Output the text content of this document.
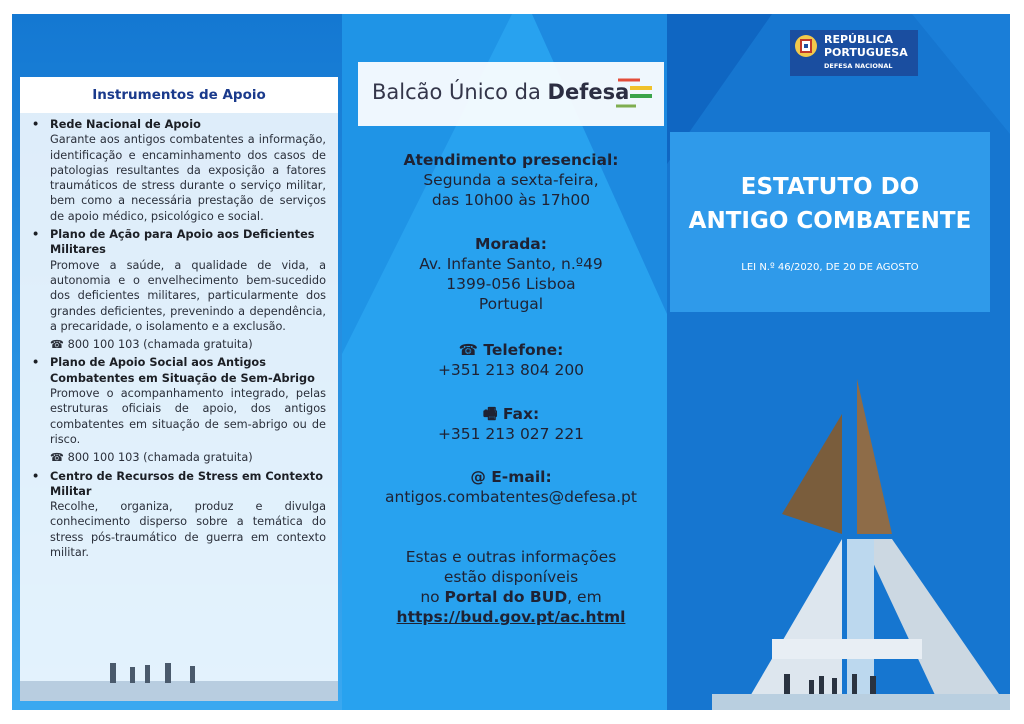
Instrumentos de Apoio
• Rede Nacional de Apoio
Garante aos antigos combatentes a informação, identificação e encaminhamento dos casos de patologias resultantes da exposição a fatores traumáticos de stress durante o serviço militar, bem como a necessária prestação de serviços de apoio médico, psicológico e social.
• Plano de Ação para Apoio aos Deficientes Militares
Promove a saúde, a qualidade de vida, a autonomia e o envelhecimento bem-sucedido dos deficientes militares, particularmente dos grandes deficientes, prevenindo a dependência, a precaridade, o isolamento e a exclusão.
☎ 800 100 103 (chamada gratuita)
• Plano de Apoio Social aos Antigos Combatentes em Situação de Sem-Abrigo
Promove o acompanhamento integrado, pelas estruturas oficiais de apoio, dos antigos combatentes em situação de sem-abrigo ou de risco.
☎ 800 100 103 (chamada gratuita)
• Centro de Recursos de Stress em Contexto Militar
Recolhe, organiza, produz e divulga conhecimento disperso sobre a temática do stress pós-traumático de guerra em contexto militar.
Balcão Único da Defesa
Atendimento presencial:
Segunda a sexta-feira,
das 10h00 às 17h00
Morada:
Av. Infante Santo, n.º49
1399-056 Lisboa
Portugal
☎ Telefone:
+351 213 804 200
🖷 Fax:
+351 213 027 221
@ E-mail:
antigos.combatentes@defesa.pt
Estas e outras informações
estão disponíveis
no Portal do BUD, em
https://bud.gov.pt/ac.html
REPÚBLICA
PORTUGUESA
DEFESA NACIONAL
ESTATUTO DO
ANTIGO COMBATENTE
LEI N.º 46/2020, DE 20 DE AGOSTO
